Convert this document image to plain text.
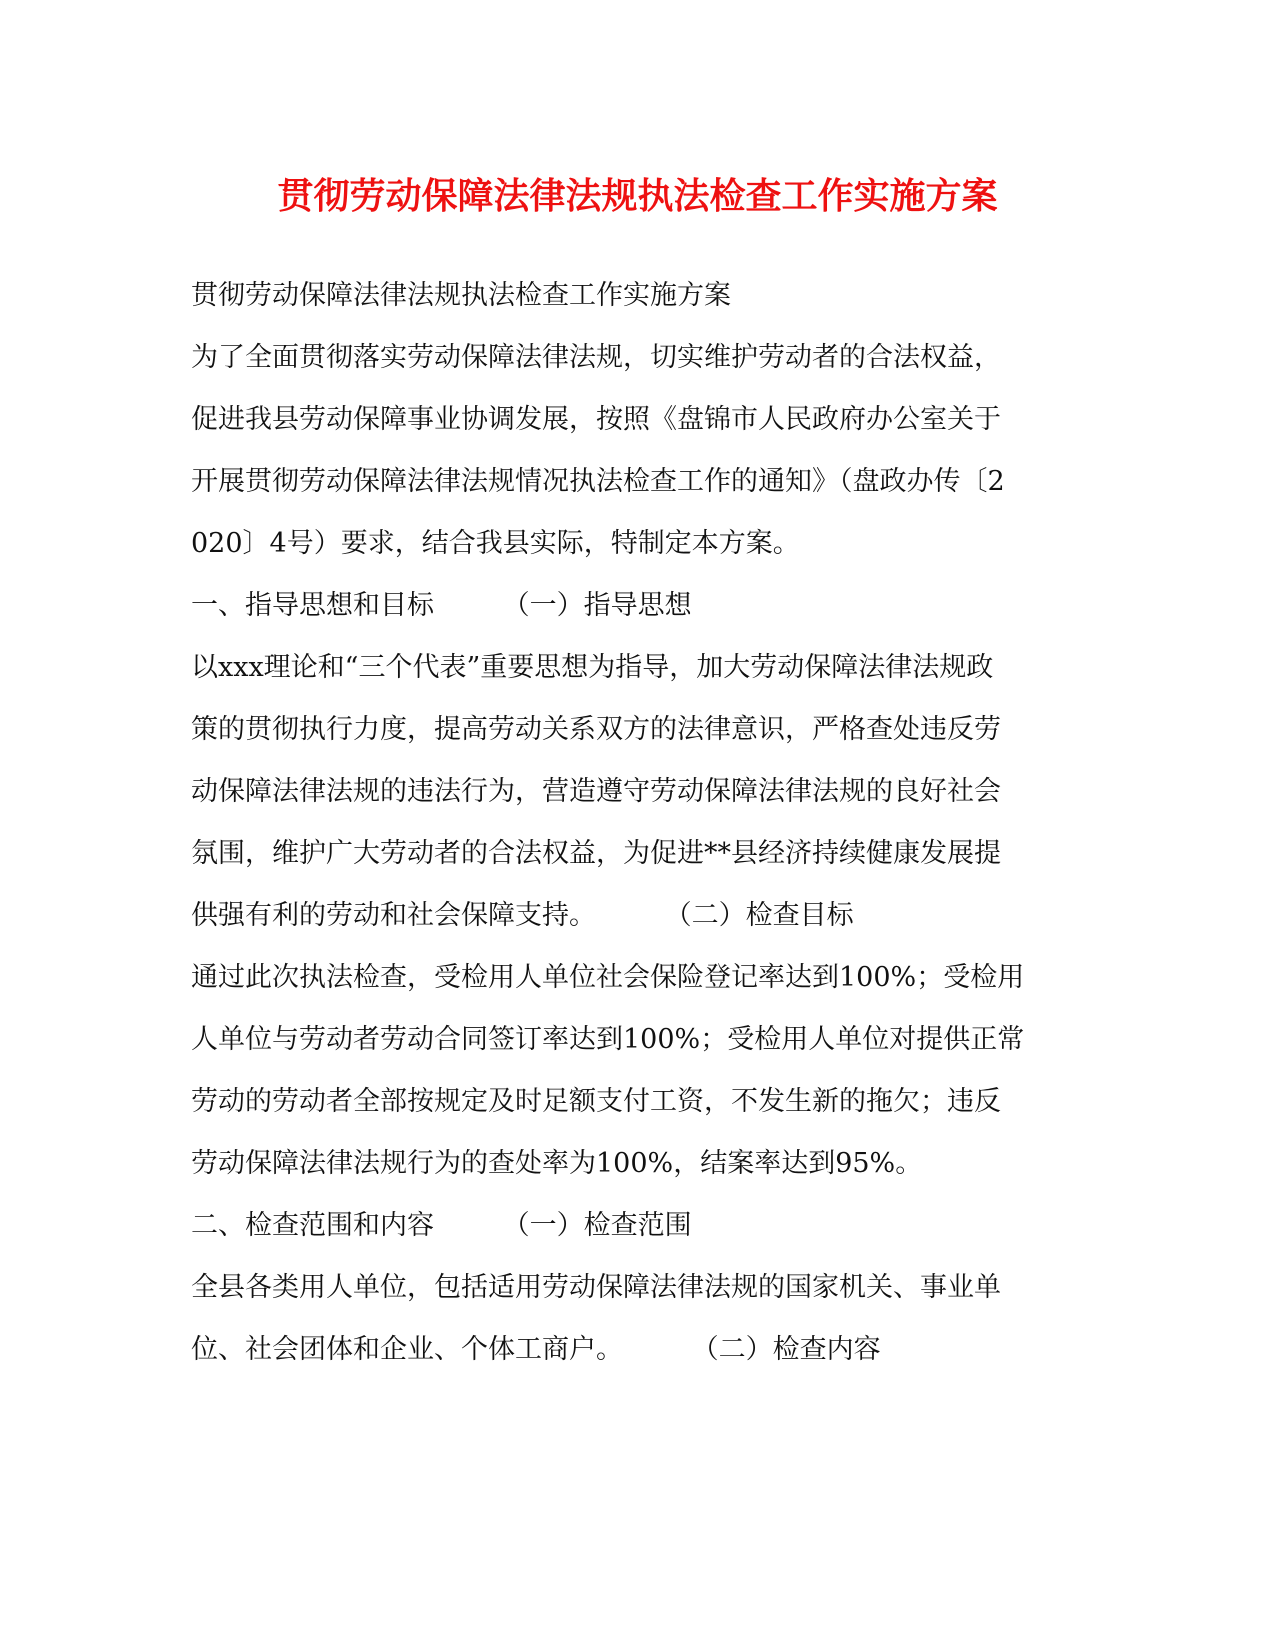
贯彻劳动保障法律法规执法检查工作实施方案
贯彻劳动保障法律法规执法检查工作实施方案
为了全面贯彻落实劳动保障法律法规，切实维护劳动者的合法权益，
促进我县劳动保障事业协调发展，按照《盘锦市人民政府办公室关于
开展贯彻劳动保障法律法规情况执法检查工作的通知》（盘政办传〔2
020〕4号）要求，结合我县实际，特制定本方案。
一、指导思想和目标        （一）指导思想
以xxx理论和“三个代表”重要思想为指导，加大劳动保障法律法规政
策的贯彻执行力度，提高劳动关系双方的法律意识，严格查处违反劳
动保障法律法规的违法行为，营造遵守劳动保障法律法规的良好社会
氛围，维护广大劳动者的合法权益，为促进**县经济持续健康发展提
供强有利的劳动和社会保障支持。        （二）检查目标
通过此次执法检查，受检用人单位社会保险登记率达到100%；受检用
人单位与劳动者劳动合同签订率达到100%；受检用人单位对提供正常
劳动的劳动者全部按规定及时足额支付工资，不发生新的拖欠；违反
劳动保障法律法规行为的查处率为100%，结案率达到95%。
二、检查范围和内容        （一）检查范围
全县各类用人单位，包括适用劳动保障法律法规的国家机关、事业单
位、社会团体和企业、个体工商户。        （二）检查内容
